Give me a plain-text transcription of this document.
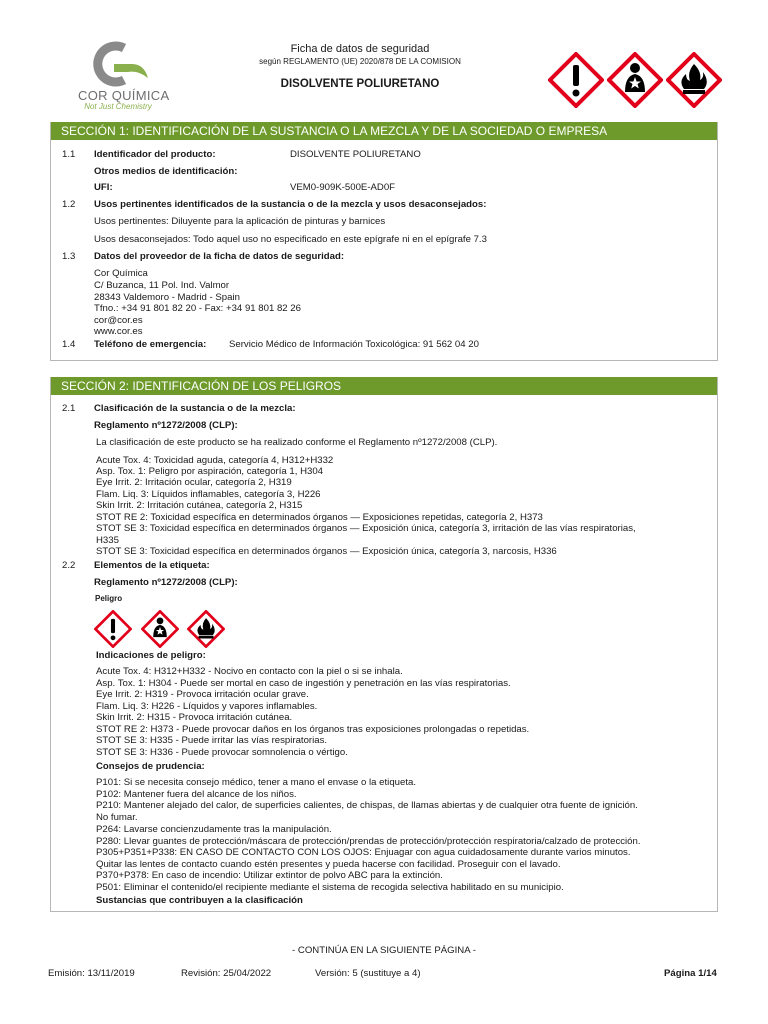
COR QUÍMICA
Not Just Chemistry
Ficha de datos de seguridad
según REGLAMENTO (UE) 2020/878 DE LA COMISION
DISOLVENTE POLIURETANO
SECCIÓN 1: IDENTIFICACIÓN DE LA SUSTANCIA O LA MEZCLA Y DE LA SOCIEDAD O EMPRESA
1.1 Identificador del producto:	DISOLVENTE POLIURETANO
Otros medios de identificación:
UFI:	VEM0-909K-500E-AD0F
1.2 Usos pertinentes identificados de la sustancia o de la mezcla y usos desaconsejados:
Usos pertinentes: Diluyente para la aplicación de pinturas y barnices
Usos desaconsejados: Todo aquel uso no especificado en este epígrafe ni en el epígrafe 7.3
1.3 Datos del proveedor de la ficha de datos de seguridad:
Cor Química
C/ Buzanca, 11 Pol. Ind. Valmor
28343 Valdemoro - Madrid - Spain
Tfno.: +34 91 801 82 20 - Fax: +34 91 801 82 26
cor@cor.es
www.cor.es
1.4 Teléfono de emergencia: Servicio Médico de Información Toxicológica: 91 562 04 20
SECCIÓN 2: IDENTIFICACIÓN DE LOS PELIGROS
2.1 Clasificación de la sustancia o de la mezcla:
Reglamento nº1272/2008 (CLP):
La clasificación de este producto se ha realizado conforme el Reglamento nº1272/2008 (CLP).
Acute Tox. 4: Toxicidad aguda, categoría 4, H312+H332
Asp. Tox. 1: Peligro por aspiración, categoría 1, H304
Eye Irrit. 2: Irritación ocular, categoría 2, H319
Flam. Liq. 3: Líquidos inflamables, categoría 3, H226
Skin Irrit. 2: Irritación cutánea, categoría 2, H315
STOT RE 2: Toxicidad específica en determinados órganos — Exposiciones repetidas, categoría 2, H373
STOT SE 3: Toxicidad específica en determinados órganos — Exposición única, categoría 3, irritación de las vías respiratorias,
H335
STOT SE 3: Toxicidad específica en determinados órganos — Exposición única, categoría 3, narcosis, H336
2.2 Elementos de la etiqueta:
Reglamento nº1272/2008 (CLP):
Peligro
Indicaciones de peligro:
Acute Tox. 4: H312+H332 - Nocivo en contacto con la piel o si se inhala.
Asp. Tox. 1: H304 - Puede ser mortal en caso de ingestión y penetración en las vías respiratorias.
Eye Irrit. 2: H319 - Provoca irritación ocular grave.
Flam. Liq. 3: H226 - Líquidos y vapores inflamables.
Skin Irrit. 2: H315 - Provoca irritación cutánea.
STOT RE 2: H373 - Puede provocar daños en los órganos tras exposiciones prolongadas o repetidas.
STOT SE 3: H335 - Puede irritar las vías respiratorias.
STOT SE 3: H336 - Puede provocar somnolencia o vértigo.
Consejos de prudencia:
P101: Si se necesita consejo médico, tener a mano el envase o la etiqueta.
P102: Mantener fuera del alcance de los niños.
P210: Mantener alejado del calor, de superficies calientes, de chispas, de llamas abiertas y de cualquier otra fuente de ignición.
No fumar.
P264: Lavarse concienzudamente tras la manipulación.
P280: Llevar guantes de protección/máscara de protección/prendas de protección/protección respiratoria/calzado de protección.
P305+P351+P338: EN CASO DE CONTACTO CON LOS OJOS: Enjuagar con agua cuidadosamente durante varios minutos.
Quitar las lentes de contacto cuando estén presentes y pueda hacerse con facilidad. Proseguir con el lavado.
P370+P378: En caso de incendio: Utilizar extintor de polvo ABC para la extinción.
P501: Eliminar el contenido/el recipiente mediante el sistema de recogida selectiva habilitado en su municipio.
Sustancias que contribuyen a la clasificación
- CONTINÚA EN LA SIGUIENTE PÁGINA -
Emisión: 13/11/2019	Revisión: 25/04/2022	Versión: 5 (sustituye a 4)	Página 1/14
